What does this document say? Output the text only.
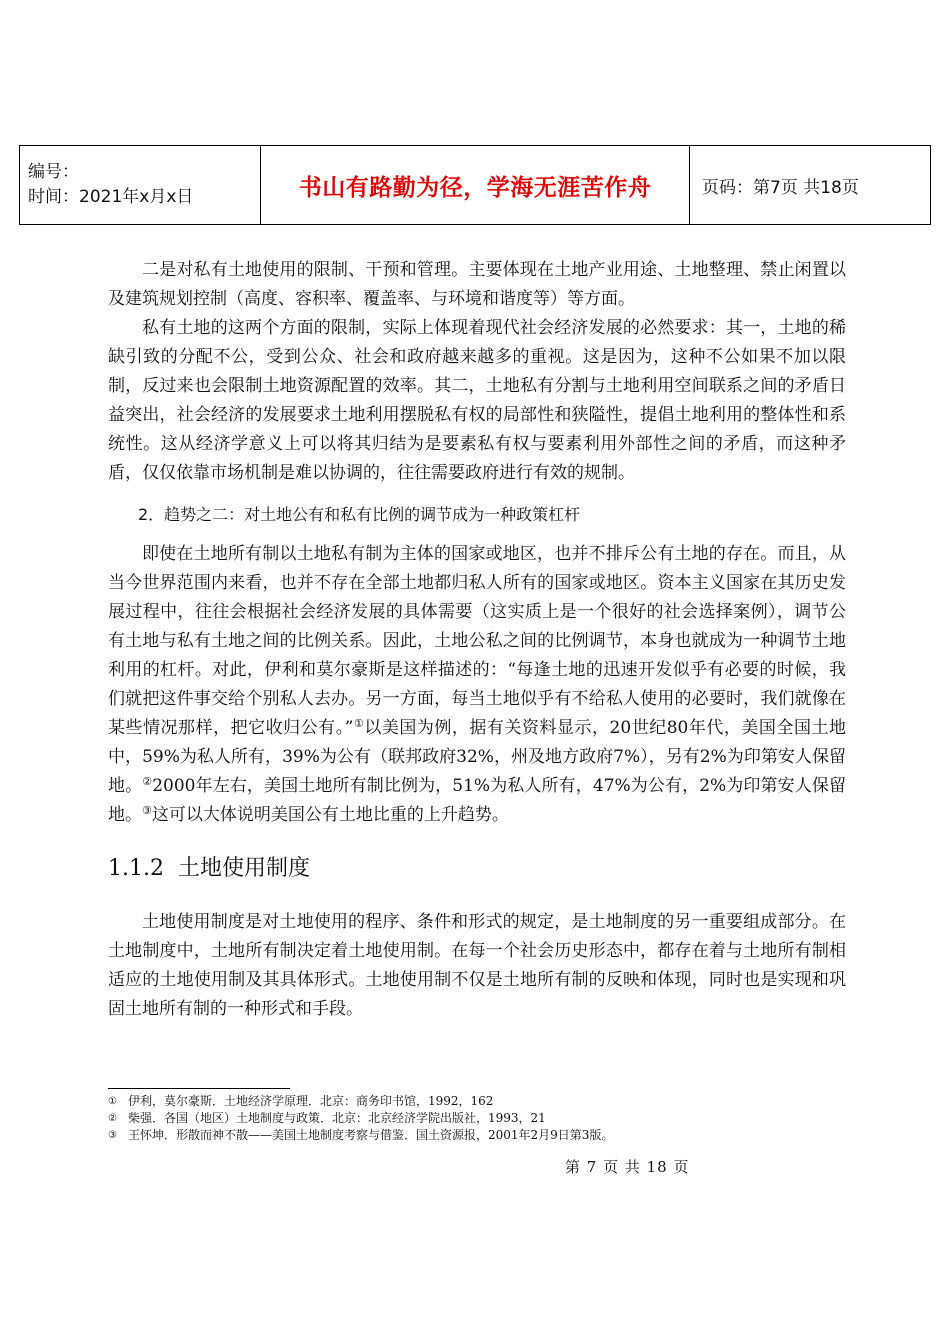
编号：
时间：2021年x月x日	书山有路勤为径，学海无涯苦作舟	页码：第7页 共18页

二是对私有土地使用的限制、干预和管理。主要体现在土地产业用途、土地整理、禁止闲置以及建筑规划控制（高度、容积率、覆盖率、与环境和谐度等）等方面。

私有土地的这两个方面的限制，实际上体现着现代社会经济发展的必然要求：其一，土地的稀缺引致的分配不公，受到公众、社会和政府越来越多的重视。这是因为，这种不公如果不加以限制，反过来也会限制土地资源配置的效率。其二，土地私有分割与土地利用空间联系之间的矛盾日益突出，社会经济的发展要求土地利用摆脱私有权的局部性和狭隘性，提倡土地利用的整体性和系统性。这从经济学意义上可以将其归结为是要素私有权与要素利用外部性之间的矛盾，而这种矛盾，仅仅依靠市场机制是难以协调的，往往需要政府进行有效的规制。

2．趋势之二：对土地公有和私有比例的调节成为一种政策杠杆

即使在土地所有制以土地私有制为主体的国家或地区，也并不排斥公有土地的存在。而且，从当今世界范围内来看，也并不存在全部土地都归私人所有的国家或地区。资本主义国家在其历史发展过程中，往往会根据社会经济发展的具体需要（这实质上是一个很好的社会选择案例），调节公有土地与私有土地之间的比例关系。因此，土地公私之间的比例调节，本身也就成为一种调节土地利用的杠杆。对此，伊利和莫尔豪斯是这样描述的：“每逢土地的迅速开发似乎有必要的时候，我们就把这件事交给个别私人去办。另一方面，每当土地似乎有不给私人使用的必要时，我们就像在某些情况那样，把它收归公有。”①以美国为例，据有关资料显示，20世纪80年代，美国全国土地中，59%为私人所有，39%为公有（联邦政府32%，州及地方政府7%），另有2%为印第安人保留地。②2000年左右，美国土地所有制比例为，51%为私人所有，47%为公有，2%为印第安人保留地。③这可以大体说明美国公有土地比重的上升趋势。

1.1.2 土地使用制度

土地使用制度是对土地使用的程序、条件和形式的规定，是土地制度的另一重要组成部分。在土地制度中，土地所有制决定着土地使用制。在每一个社会历史形态中，都存在着与土地所有制相适应的土地使用制及其具体形式。土地使用制不仅是土地所有制的反映和体现，同时也是实现和巩固土地所有制的一种形式和手段。

① 伊利，莫尔豪斯．土地经济学原理．北京：商务印书馆，1992，162
② 柴强．各国（地区）土地制度与政策．北京：北京经济学院出版社，1993，21
③ 王怀坤．形散而神不散——美国土地制度考察与借鉴．国土资源报，2001年2月9日第3版。
第 7 页 共 18 页
